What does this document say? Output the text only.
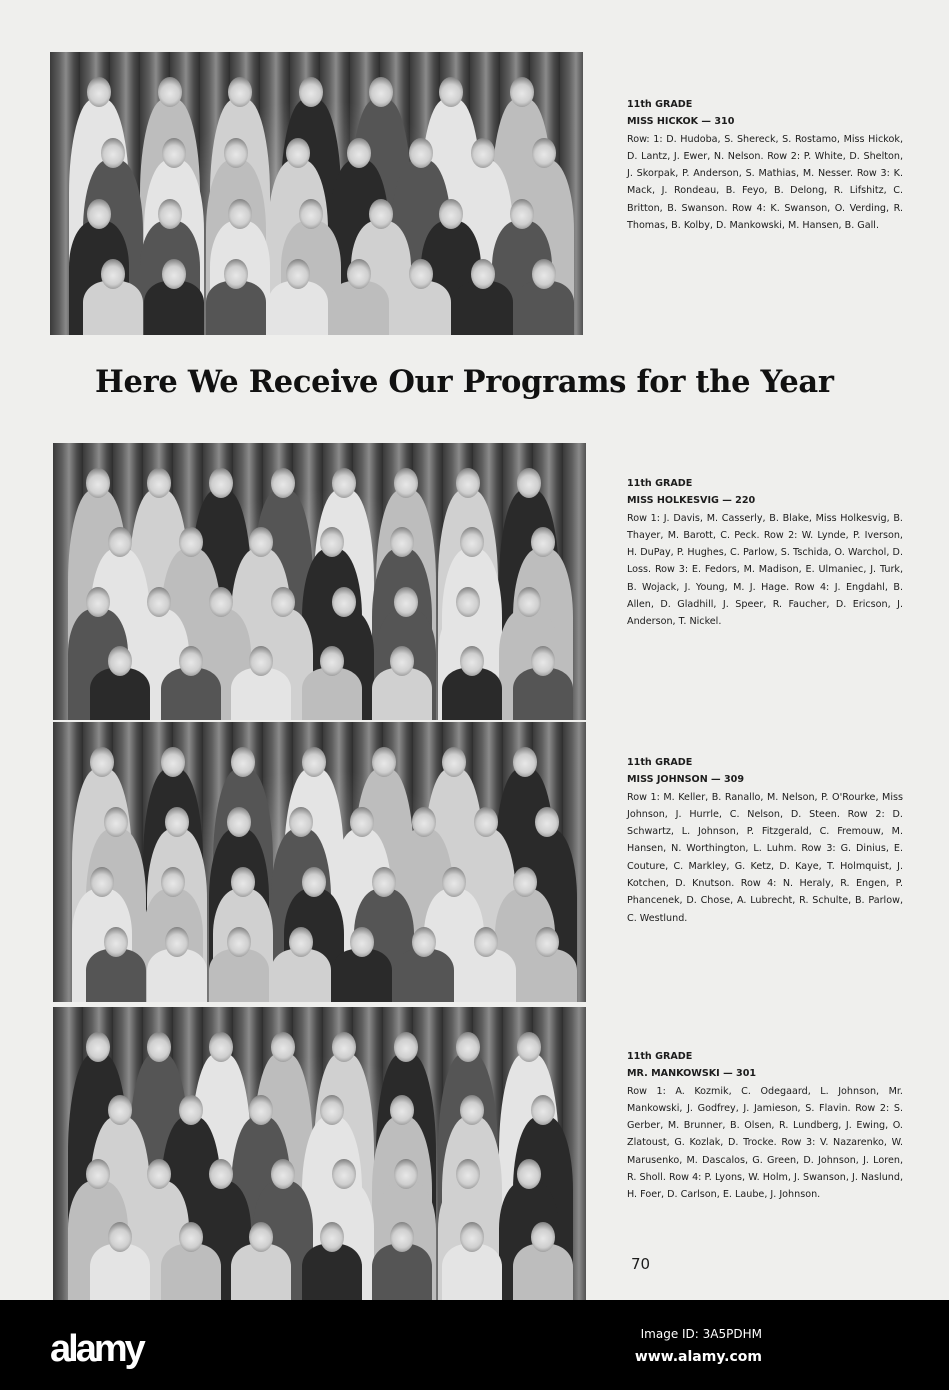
11th GRADE
MISS HICKOK — 310
Row: 1: D. Hudoba, S. Shereck, S. Rostamo, Miss Hickok, D. Lantz, J. Ewer, N. Nelson. Row 2: P. White, D. Shelton, J. Skorpak, P. Anderson, S. Mathias, M. Nesser. Row 3: K. Mack, J. Rondeau, B. Feyo, B. Delong, R. Lifshitz, C. Britton, B. Swanson. Row 4: K. Swanson, O. Verding, R. Thomas, B. Kolby, D. Mankowski, M. Hansen, B. Gall.
Here We Receive Our Programs for the Year
11th GRADE
MISS HOLKESVIG — 220
Row 1: J. Davis, M. Casserly, B. Blake, Miss Holkesvig, B. Thayer, M. Barott, C. Peck. Row 2: W. Lynde, P. Iverson, H. DuPay, P. Hughes, C. Parlow, S. Tschida, O. Warchol, D. Loss. Row 3: E. Fedors, M. Madison, E. Ulmaniec, J. Turk, B. Wojack, J. Young, M. J. Hage. Row 4: J. Engdahl, B. Allen, D. Gladhill, J. Speer, R. Faucher, D. Ericson, J. Anderson, T. Nickel.
11th GRADE
MISS JOHNSON — 309
Row 1: M. Keller, B. Ranallo, M. Nelson, P. O'Rourke, Miss Johnson, J. Hurrle, C. Nelson, D. Steen. Row 2: D. Schwartz, L. Johnson, P. Fitzgerald, C. Fremouw, M. Hansen, N. Worthington, L. Luhm. Row 3: G. Dinius, E. Couture, C. Markley, G. Ketz, D. Kaye, T. Holmquist, J. Kotchen, D. Knutson. Row 4: N. Heraly, R. Engen, P. Phancenek, D. Chose, A. Lubrecht, R. Schulte, B. Parlow, C. Westlund.
11th GRADE
MR. MANKOWSKI — 301
Row 1: A. Kozmik, C. Odegaard, L. Johnson, Mr. Mankowski, J. Godfrey, J. Jamieson, S. Flavin. Row 2: S. Gerber, M. Brunner, B. Olsen, R. Lundberg, J. Ewing, O. Zlatoust, G. Kozlak, D. Trocke. Row 3: V. Nazarenko, W. Marusenko, M. Dascalos, G. Green, D. Johnson, J. Loren, R. Sholl. Row 4: P. Lyons, W. Holm, J. Swanson, J. Naslund, H. Foer, D. Carlson, E. Laube, J. Johnson.
70
alamy	Image ID: 3A5PDHM
www.alamy.com
